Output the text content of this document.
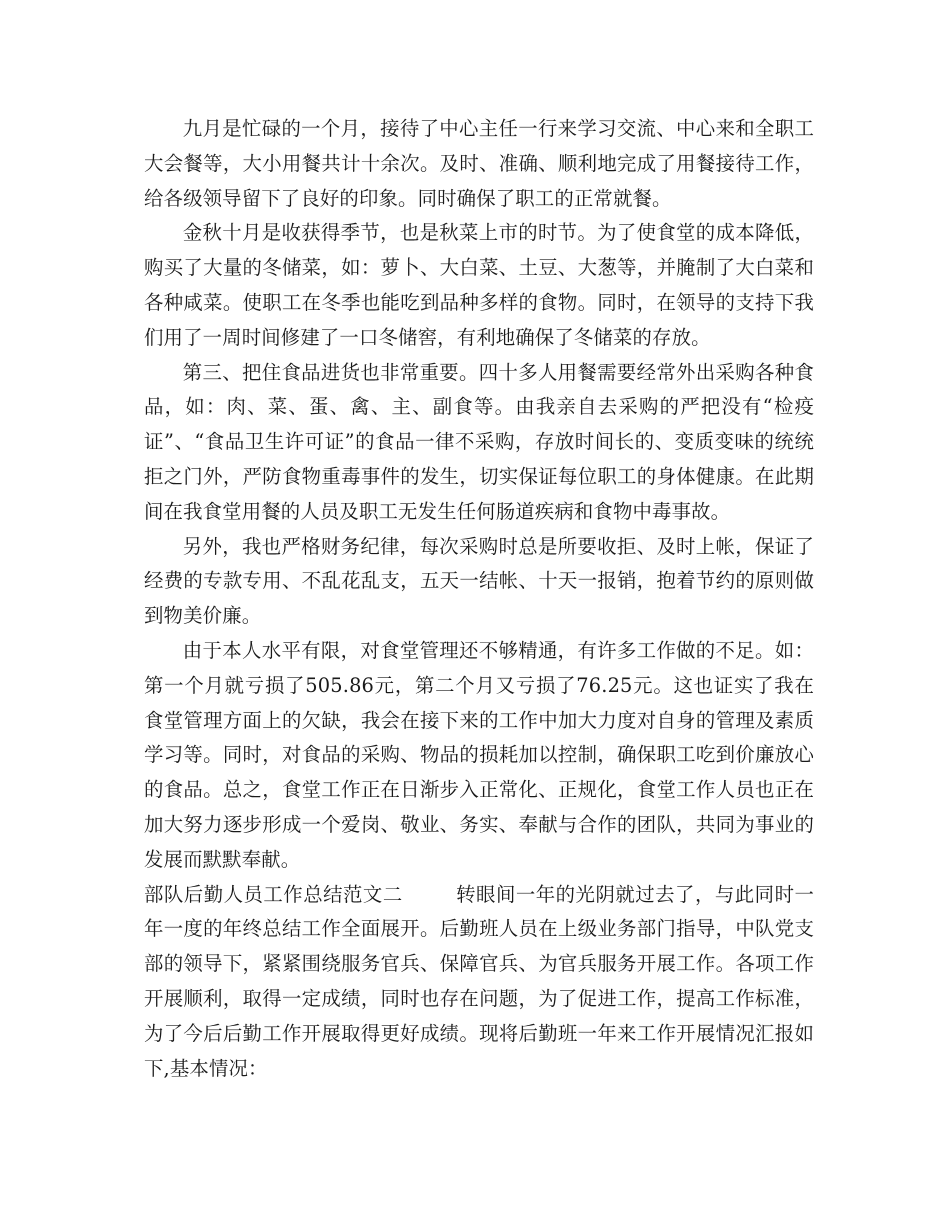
九月是忙碌的一个月，接待了中心主任一行来学习交流、中心来和全职工大会餐等，大小用餐共计十余次。及时、准确、顺利地完成了用餐接待工作，给各级领导留下了良好的印象。同时确保了职工的正常就餐。

金秋十月是收获得季节，也是秋菜上市的时节。为了使食堂的成本降低，购买了大量的冬储菜，如：萝卜、大白菜、土豆、大葱等，并腌制了大白菜和各种咸菜。使职工在冬季也能吃到品种多样的食物。同时，在领导的支持下我们用了一周时间修建了一口冬储窖，有利地确保了冬储菜的存放。

第三、把住食品进货也非常重要。四十多人用餐需要经常外出采购各种食品，如：肉、菜、蛋、禽、主、副食等。由我亲自去采购的严把没有“检疫证”、“食品卫生许可证”的食品一律不采购，存放时间长的、变质变味的统统拒之门外，严防食物重毒事件的发生，切实保证每位职工的身体健康。在此期间在我食堂用餐的人员及职工无发生任何肠道疾病和食物中毒事故。

另外，我也严格财务纪律，每次采购时总是所要收拒、及时上帐，保证了经费的专款专用、不乱花乱支，五天一结帐、十天一报销，抱着节约的原则做到物美价廉。

由于本人水平有限，对食堂管理还不够精通，有许多工作做的不足。如：第一个月就亏损了505.86元，第二个月又亏损了76.25元。这也证实了我在食堂管理方面上的欠缺，我会在接下来的工作中加大力度对自身的管理及素质学习等。同时，对食品的采购、物品的损耗加以控制，确保职工吃到价廉放心的食品。总之，食堂工作正在日渐步入正常化、正规化，食堂工作人员也正在加大努力逐步形成一个爱岗、敬业、务实、奉献与合作的团队，共同为事业的发展而默默奉献。

部队后勤人员工作总结范文二	转眼间一年的光阴就过去了，与此同时一年一度的年终总结工作全面展开。后勤班人员在上级业务部门指导，中队党支部的领导下，紧紧围绕服务官兵、保障官兵、为官兵服务开展工作。各项工作开展顺利，取得一定成绩，同时也存在问题，为了促进工作，提高工作标准，为了今后后勤工作开展取得更好成绩。现将后勤班一年来工作开展情况汇报如下,基本情况：
